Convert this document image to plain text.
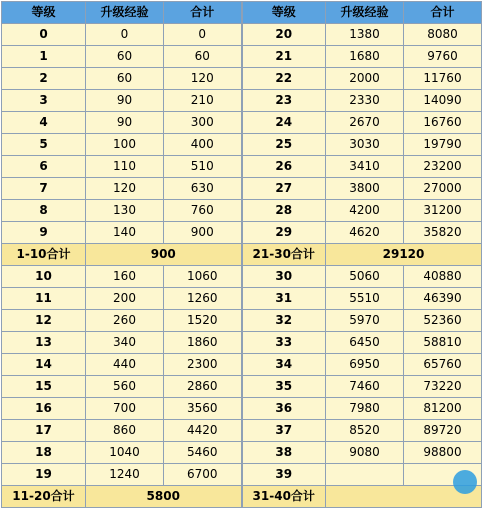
等级	升级经验	合计	等级	升级经验	合计
0	0	0	20	1380	8080
1	60	60	21	1680	9760
2	60	120	22	2000	11760
3	90	210	23	2330	14090
4	90	300	24	2670	16760
5	100	400	25	3030	19790
6	110	510	26	3410	23200
7	120	630	27	3800	27000
8	130	760	28	4200	31200
9	140	900	29	4620	35820
1-10合计	900		21-30合计	29120	
10	160	1060	30	5060	40880
11	200	1260	31	5510	46390
12	260	1520	32	5970	52360
13	340	1860	33	6450	58810
14	440	2300	34	6950	65760
15	560	2860	35	7460	73220
16	700	3560	36	7980	81200
17	860	4420	37	8520	89720
18	1040	5460	38	9080	98800
19	1240	6700	39		
11-20合计	5800		31-40合计		
